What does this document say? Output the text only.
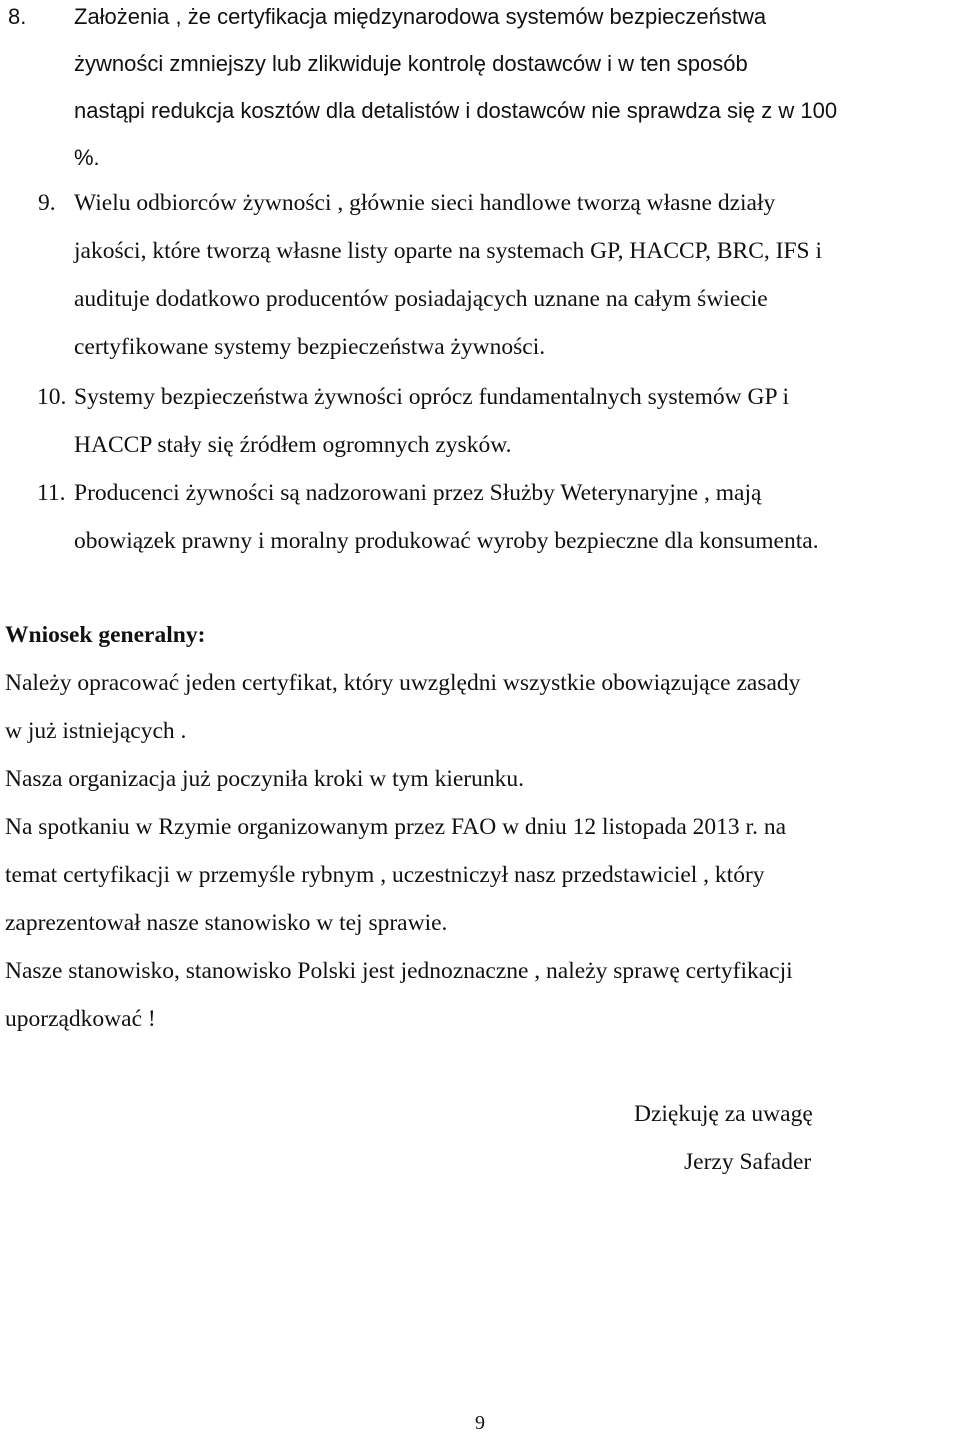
8. Założenia , że certyfikacja międzynarodowa systemów bezpieczeństwa
żywności zmniejszy lub zlikwiduje kontrolę dostawców i w ten sposób
nastąpi redukcja kosztów dla detalistów i dostawców nie sprawdza się z w 100
%.
9. Wielu odbiorców żywności , głównie sieci handlowe tworzą własne działy
jakości, które tworzą własne listy oparte na systemach GP, HACCP, BRC, IFS i
audituje dodatkowo producentów posiadających uznane na całym świecie
certyfikowane systemy bezpieczeństwa żywności.
10. Systemy bezpieczeństwa żywności oprócz fundamentalnych systemów GP i
HACCP stały się źródłem ogromnych zysków.
11. Producenci żywności są nadzorowani przez Służby Weterynaryjne , mają
obowiązek prawny i moralny produkować wyroby bezpieczne dla konsumenta.
Wniosek generalny:
Należy opracować jeden certyfikat, który uwzględni wszystkie obowiązujące zasady
w już istniejących .
Nasza organizacja już poczyniła kroki w tym kierunku.
Na spotkaniu w Rzymie organizowanym przez FAO w dniu 12 listopada 2013 r. na
temat certyfikacji w przemyśle rybnym , uczestniczył nasz przedstawiciel , który
zaprezentował nasze stanowisko w tej sprawie.
Nasze stanowisko, stanowisko Polski jest jednoznaczne , należy sprawę certyfikacji
uporządkować !
Dziękuję za uwagę
Jerzy Safader
9
